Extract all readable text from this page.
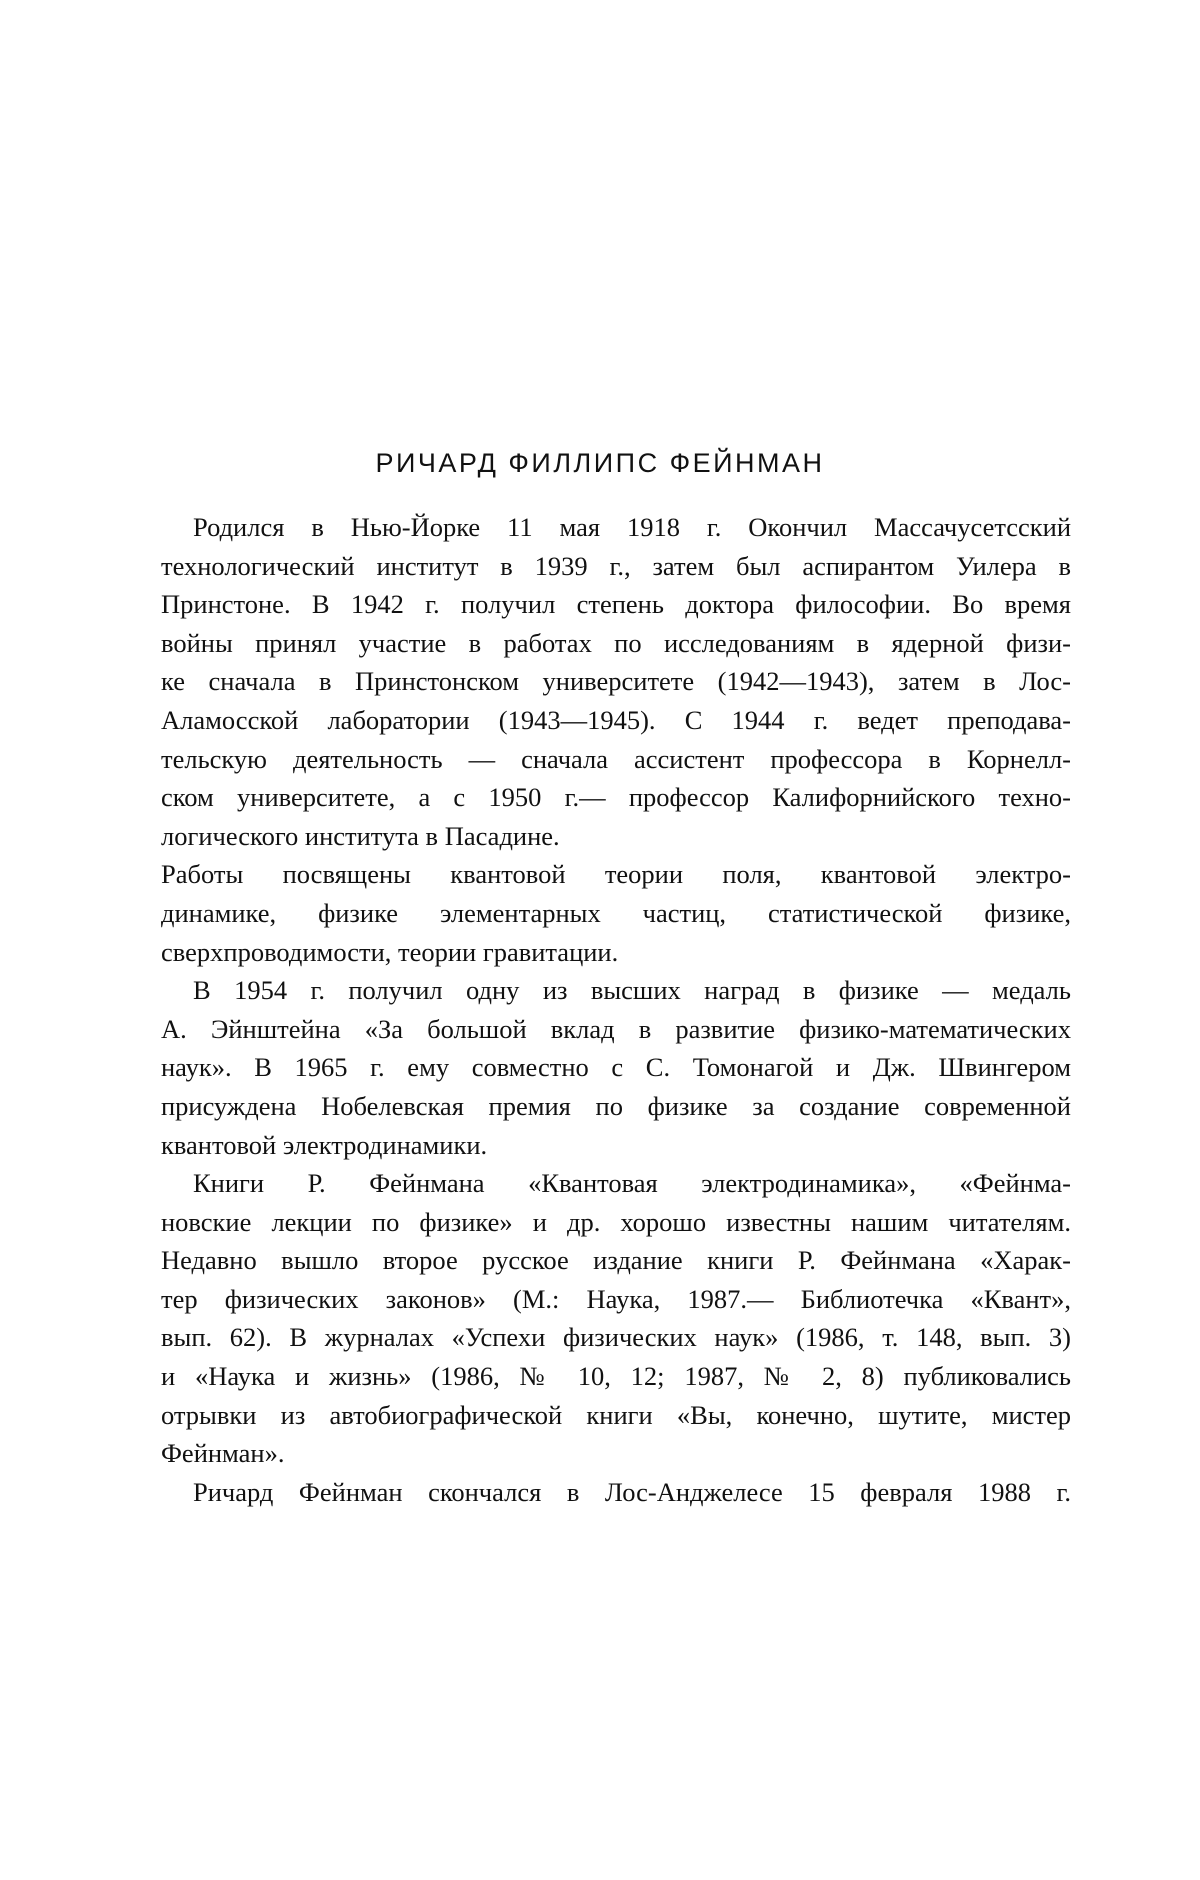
РИЧАРД ФИЛЛИПС ФЕЙНМАН
Родился в Нью-Йорке 11 мая 1918 г. Окончил Массачусетсский
технологический институт в 1939 г., затем был аспирантом Уилера в
Принстоне. В 1942 г. получил степень доктора философии. Во время
войны принял участие в работах по исследованиям в ядерной физи-
ке сначала в Принстонском университете (1942—1943), затем в Лос-
Аламосской лаборатории (1943—1945). С 1944 г. ведет преподава-
тельскую деятельность — сначала ассистент профессора в Корнелл-
ском университете, а с 1950 г.— профессор Калифорнийского техно-
логического института в Пасадине.
Работы посвящены квантовой теории поля, квантовой электро-
динамике, физике элементарных частиц, статистической физике,
сверхпроводимости, теории гравитации.
В 1954 г. получил одну из высших наград в физике — медаль
А. Эйнштейна «За большой вклад в развитие физико-математических
наук». В 1965 г. ему совместно с С. Томонагой и Дж. Швингером
присуждена Нобелевская премия по физике за создание современной
квантовой электродинамики.
Книги Р. Фейнмана «Квантовая электродинамика», «Фейнма-
новские лекции по физике» и др. хорошо известны нашим читателям.
Недавно вышло второе русское издание книги Р. Фейнмана «Харак-
тер физических законов» (М.: Наука, 1987.— Библиотечка «Квант»,
вып. 62). В журналах «Успехи физических наук» (1986, т. 148, вып. 3)
и «Наука и жизнь» (1986, № 10, 12; 1987, № 2, 8) публиковались
отрывки из автобиографической книги «Вы, конечно, шутите, мистер
Фейнман».
Ричард Фейнман скончался в Лос-Анджелесе 15 февраля 1988 г.
